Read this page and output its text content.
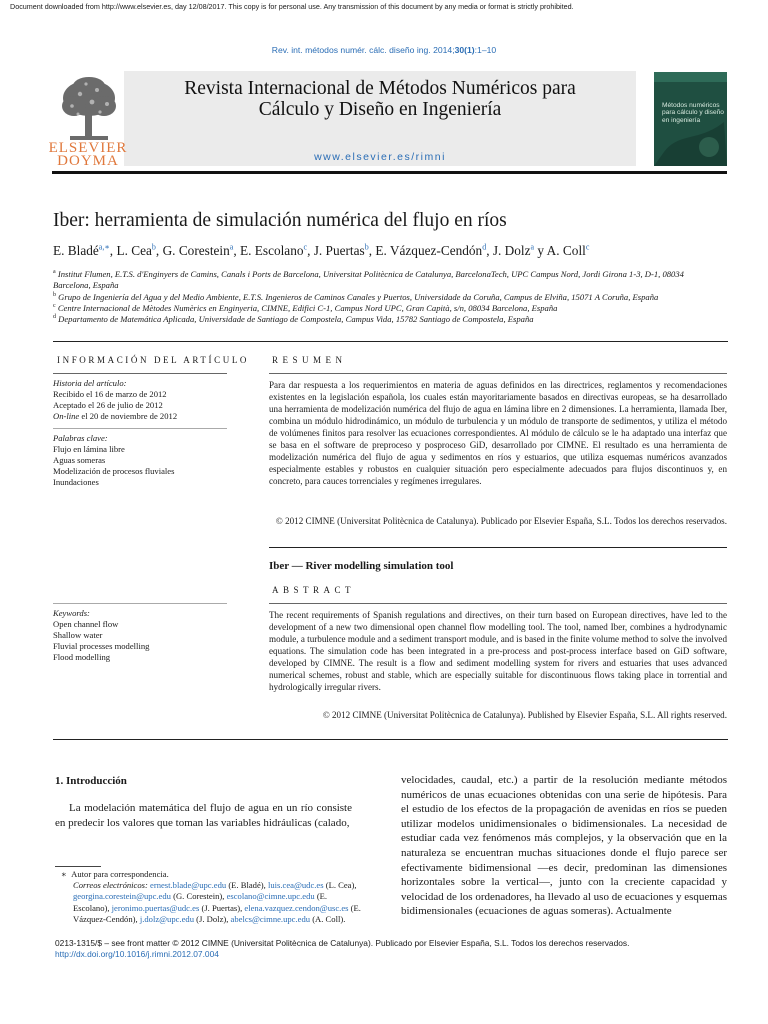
Document downloaded from http://www.elsevier.es, day 12/08/2017. This copy is for personal use. Any transmission of this document by any media or format is strictly prohibited.
Rev. int. métodos numér. cálc. diseño ing. 2014;30(1):1–10
ELSEVIER
DOYMA
Revista Internacional de Métodos Numéricos para
Cálculo y Diseño en Ingeniería
www.elsevier.es/rimni
Métodos numéricos para cálculo y diseño en ingeniería
Iber: herramienta de simulación numérica del flujo en ríos
E. Bladé$^{a,∗}$, L. Cea$^b$, G. Corestein$^a$, E. Escolano$^c$, J. Puertas$^b$, E. Vázquez-Cendón$^d$, J. Dolz$^a$ y A. Coll$^c$
$^a$ Institut Flumen, E.T.S. d'Enginyers de Camins, Canals i Ports de Barcelona, Universitat Politècnica de Catalunya, BarcelonaTech, UPC Campus Nord, Jordi Girona 1-3, D-1, 08034 Barcelona, España
$^b$ Grupo de Ingeniería del Agua y del Medio Ambiente, E.T.S. Ingenieros de Caminos Canales y Puertos, Universidade da Coruña, Campus de Elviña, 15071 A Coruña, España
$^c$ Centre Internacional de Mètodes Numèrics en Enginyeria, CIMNE, Edifici C-1, Campus Nord UPC, Gran Capità, s/n, 08034 Barcelona, España
$^d$ Departamento de Matemática Aplicada, Universidade de Santiago de Compostela, Campus Vida, 15782 Santiago de Compostela, España
INFORMACIÓN DEL ARTÍCULO
Historia del artículo:
Recibido el 16 de marzo de 2012
Aceptado el 26 de julio de 2012
On-line el 20 de noviembre de 2012
Palabras clave:
Flujo en lámina libre
Aguas someras
Modelización de procesos fluviales
Inundaciones
Keywords:
Open channel flow
Shallow water
Fluvial processes modelling
Flood modelling
RESUMEN
Para dar respuesta a los requerimientos en materia de aguas definidos en las directrices, reglamentos y recomendaciones existentes en la legislación española, los cuales están mayoritariamente basados en directivas europeas, se ha desarrollado una herramienta de modelización numérica del flujo de agua en lámina libre en 2 dimensiones. La herramienta, llamada Iber, combina un módulo hidrodinámico, un módulo de turbulencia y un módulo de transporte de sedimentos, y utiliza el método de volúmenes finitos para resolver las ecuaciones correspondientes. Al módulo de cálculo se le ha adaptado una interfaz que se basa en el software de preproceso y posproceso GiD, desarrollado por CIMNE. El resultado es una herramienta de modelización numérica del flujo de agua y sedimentos en ríos y estuarios, que utiliza esquemas numéricos avanzados especialmente estables y robustos en cualquier situación pero especialmente adecuados para flujos discontinuos y, en concreto, para cauces torrenciales y regímenes irregulares.
© 2012 CIMNE (Universitat Politècnica de Catalunya). Publicado por Elsevier España, S.L. Todos los derechos reservados.
Iber — River modelling simulation tool
ABSTRACT
The recent requirements of Spanish regulations and directives, on their turn based on European directives, have led to the development of a new two dimensional open channel flow modelling tool. The tool, named Iber, combines a hydrodynamic module, a turbulence module and a sediment transport module, and is based in the finite volume method to solve the involved equations. The simulation code has been integrated in a pre-process and post-process interface based on GiD software, developed by CIMNE. The result is a flow and sediment modelling system for rivers and estuaries that uses advanced numerical schemes, robust and stable, which are especially suitable for discontinuous flows taking place in torrential and hydrologically irregular rivers.
© 2012 CIMNE (Universitat Politècnica de Catalunya). Published by Elsevier España, S.L. All rights reserved.
1. Introducción
La modelación matemática del flujo de agua en un río consiste en predecir los valores que toman las variables hidráulicas (calado,
velocidades, caudal, etc.) a partir de la resolución mediante métodos numéricos de unas ecuaciones obtenidas con una serie de hipótesis. Para el estudio de los efectos de la propagación de avenidas en ríos se pueden utilizar modelos unidimensionales o bidimensionales. La necesidad de estudiar cada vez fenómenos más complejos, y la observación que en la naturaleza se encuentran muchas situaciones donde el flujo parece ser efectivamente bidimensional —es decir, predominan las dimensiones horizontales sobre la vertical—, junto con la creciente capacidad y velocidad de los ordenadores, ha llevado al uso de ecuaciones y esquemas bidimensionales (ecuaciones de aguas someras). Actualmente
∗  Autor para correspondencia.
Correos electrónicos: ernest.blade@upc.edu (E. Bladé), luis.cea@udc.es (L. Cea), georgina.corestein@upc.edu (G. Corestein), escolano@cimne.upc.edu (E. Escolano), jeronimo.puertas@udc.es (J. Puertas), elena.vazquez.cendon@usc.es (E. Vázquez-Cendón), j.dolz@upc.edu (J. Dolz), abelcs@cimne.upc.edu (A. Coll).
0213-1315/$ – see front matter © 2012 CIMNE (Universitat Politècnica de Catalunya). Publicado por Elsevier España, S.L. Todos los derechos reservados.
http://dx.doi.org/10.1016/j.rimni.2012.07.004
